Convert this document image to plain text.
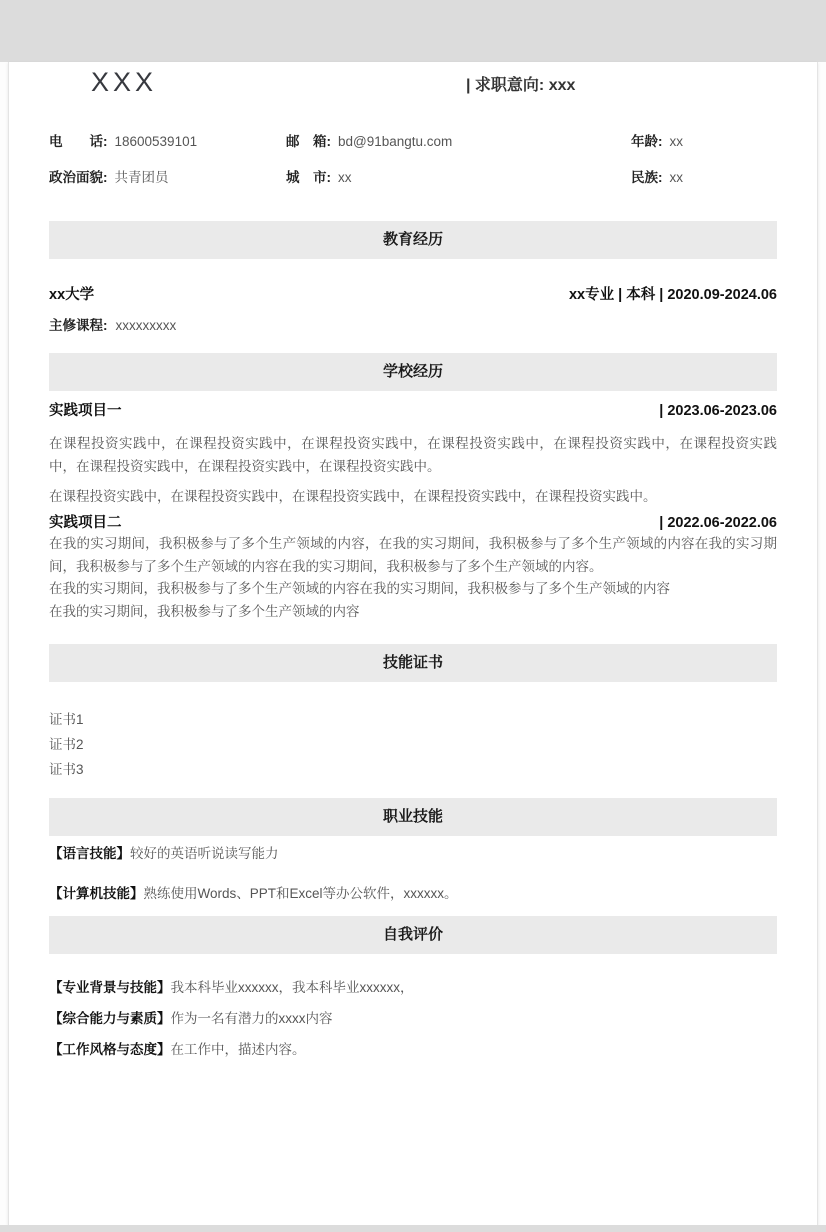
XXX	| 求职意向: xxx
电　　话: 18600539101	邮　箱: bd@91bangtu.com	年龄: xx
政治面貌: 共青团员	城　市: xx	民族: xx
教育经历
xx大学	xx专业 | 本科 | 2020.09-2024.06
主修课程: xxxxxxxxx
学校经历
实践项目一	| 2023.06-2023.06

在课程投资实践中，在课程投资实践中，在课程投资实践中，在课程投资实践中，在课程投资实践中，在课程投资实践中，在课程投资实践中，在课程投资实践中，在课程投资实践中。

在课程投资实践中，在课程投资实践中，在课程投资实践中，在课程投资实践中，在课程投资实践中。

实践项目二	| 2022.06-2022.06

在我的实习期间，我积极参与了多个生产领域的内容，在我的实习期间，我积极参与了多个生产领域的内容在我的实习期间，我积极参与了多个生产领域的内容在我的实习期间，我积极参与了多个生产领域的内容。

在我的实习期间，我积极参与了多个生产领域的内容在我的实习期间，我积极参与了多个生产领域的内容

在我的实习期间，我积极参与了多个生产领域的内容

技能证书
证书1
证书2
证书3
职业技能
【语言技能】较好的英语听说读写能力
【计算机技能】熟练使用Words、PPT和Excel等办公软件，xxxxxx。
自我评价
【专业背景与技能】我本科毕业xxxxxx，我本科毕业xxxxxx，
【综合能力与素质】作为一名有潜力的xxxx内容
【工作风格与态度】在工作中，描述内容。
